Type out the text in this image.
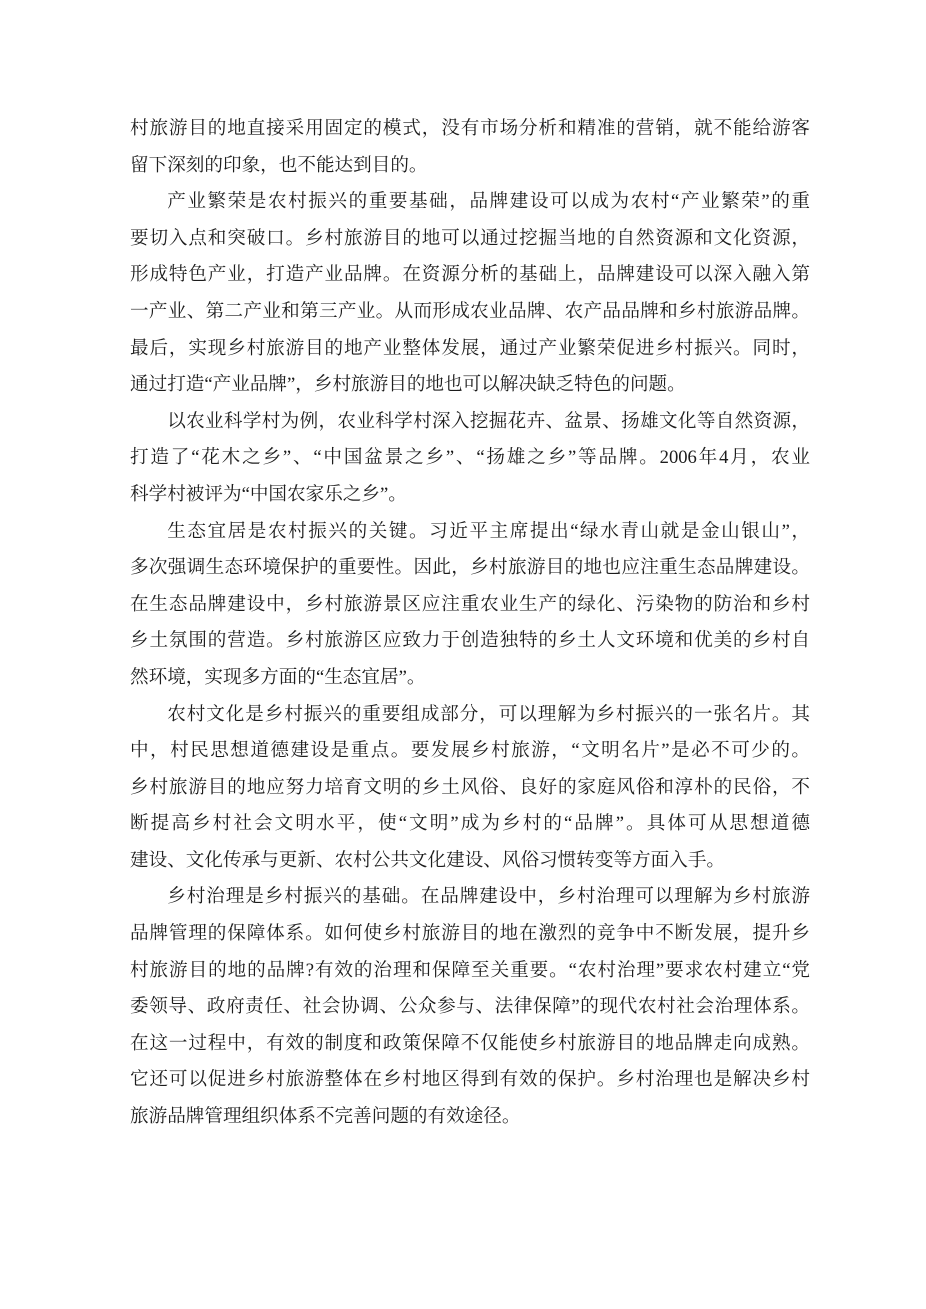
村旅游目的地直接采用固定的模式，没有市场分析和精准的营销，就不能给游客
留下深刻的印象，也不能达到目的。
产业繁荣是农村振兴的重要基础，品牌建设可以成为农村“产业繁荣”的重
要切入点和突破口。乡村旅游目的地可以通过挖掘当地的自然资源和文化资源，
形成特色产业，打造产业品牌。在资源分析的基础上，品牌建设可以深入融入第
一产业、第二产业和第三产业。从而形成农业品牌、农产品品牌和乡村旅游品牌。
最后，实现乡村旅游目的地产业整体发展，通过产业繁荣促进乡村振兴。同时，
通过打造“产业品牌”，乡村旅游目的地也可以解决缺乏特色的问题。
以农业科学村为例，农业科学村深入挖掘花卉、盆景、扬雄文化等自然资源，
打造了“花木之乡”、“中国盆景之乡”、“扬雄之乡”等品牌。2006年4月，农业
科学村被评为“中国农家乐之乡”。
生态宜居是农村振兴的关键。习近平主席提出“绿水青山就是金山银山”，
多次强调生态环境保护的重要性。因此，乡村旅游目的地也应注重生态品牌建设。
在生态品牌建设中，乡村旅游景区应注重农业生产的绿化、污染物的防治和乡村
乡土氛围的营造。乡村旅游区应致力于创造独特的乡土人文环境和优美的乡村自
然环境，实现多方面的“生态宜居”。
农村文化是乡村振兴的重要组成部分，可以理解为乡村振兴的一张名片。其
中，村民思想道德建设是重点。要发展乡村旅游，“文明名片”是必不可少的。
乡村旅游目的地应努力培育文明的乡土风俗、良好的家庭风俗和淳朴的民俗，不
断提高乡村社会文明水平，使“文明”成为乡村的“品牌”。具体可从思想道德
建设、文化传承与更新、农村公共文化建设、风俗习惯转变等方面入手。
乡村治理是乡村振兴的基础。在品牌建设中，乡村治理可以理解为乡村旅游
品牌管理的保障体系。如何使乡村旅游目的地在激烈的竞争中不断发展，提升乡
村旅游目的地的品牌?有效的治理和保障至关重要。“农村治理”要求农村建立“党
委领导、政府责任、社会协调、公众参与、法律保障”的现代农村社会治理体系。
在这一过程中，有效的制度和政策保障不仅能使乡村旅游目的地品牌走向成熟。
它还可以促进乡村旅游整体在乡村地区得到有效的保护。乡村治理也是解决乡村
旅游品牌管理组织体系不完善问题的有效途径。
